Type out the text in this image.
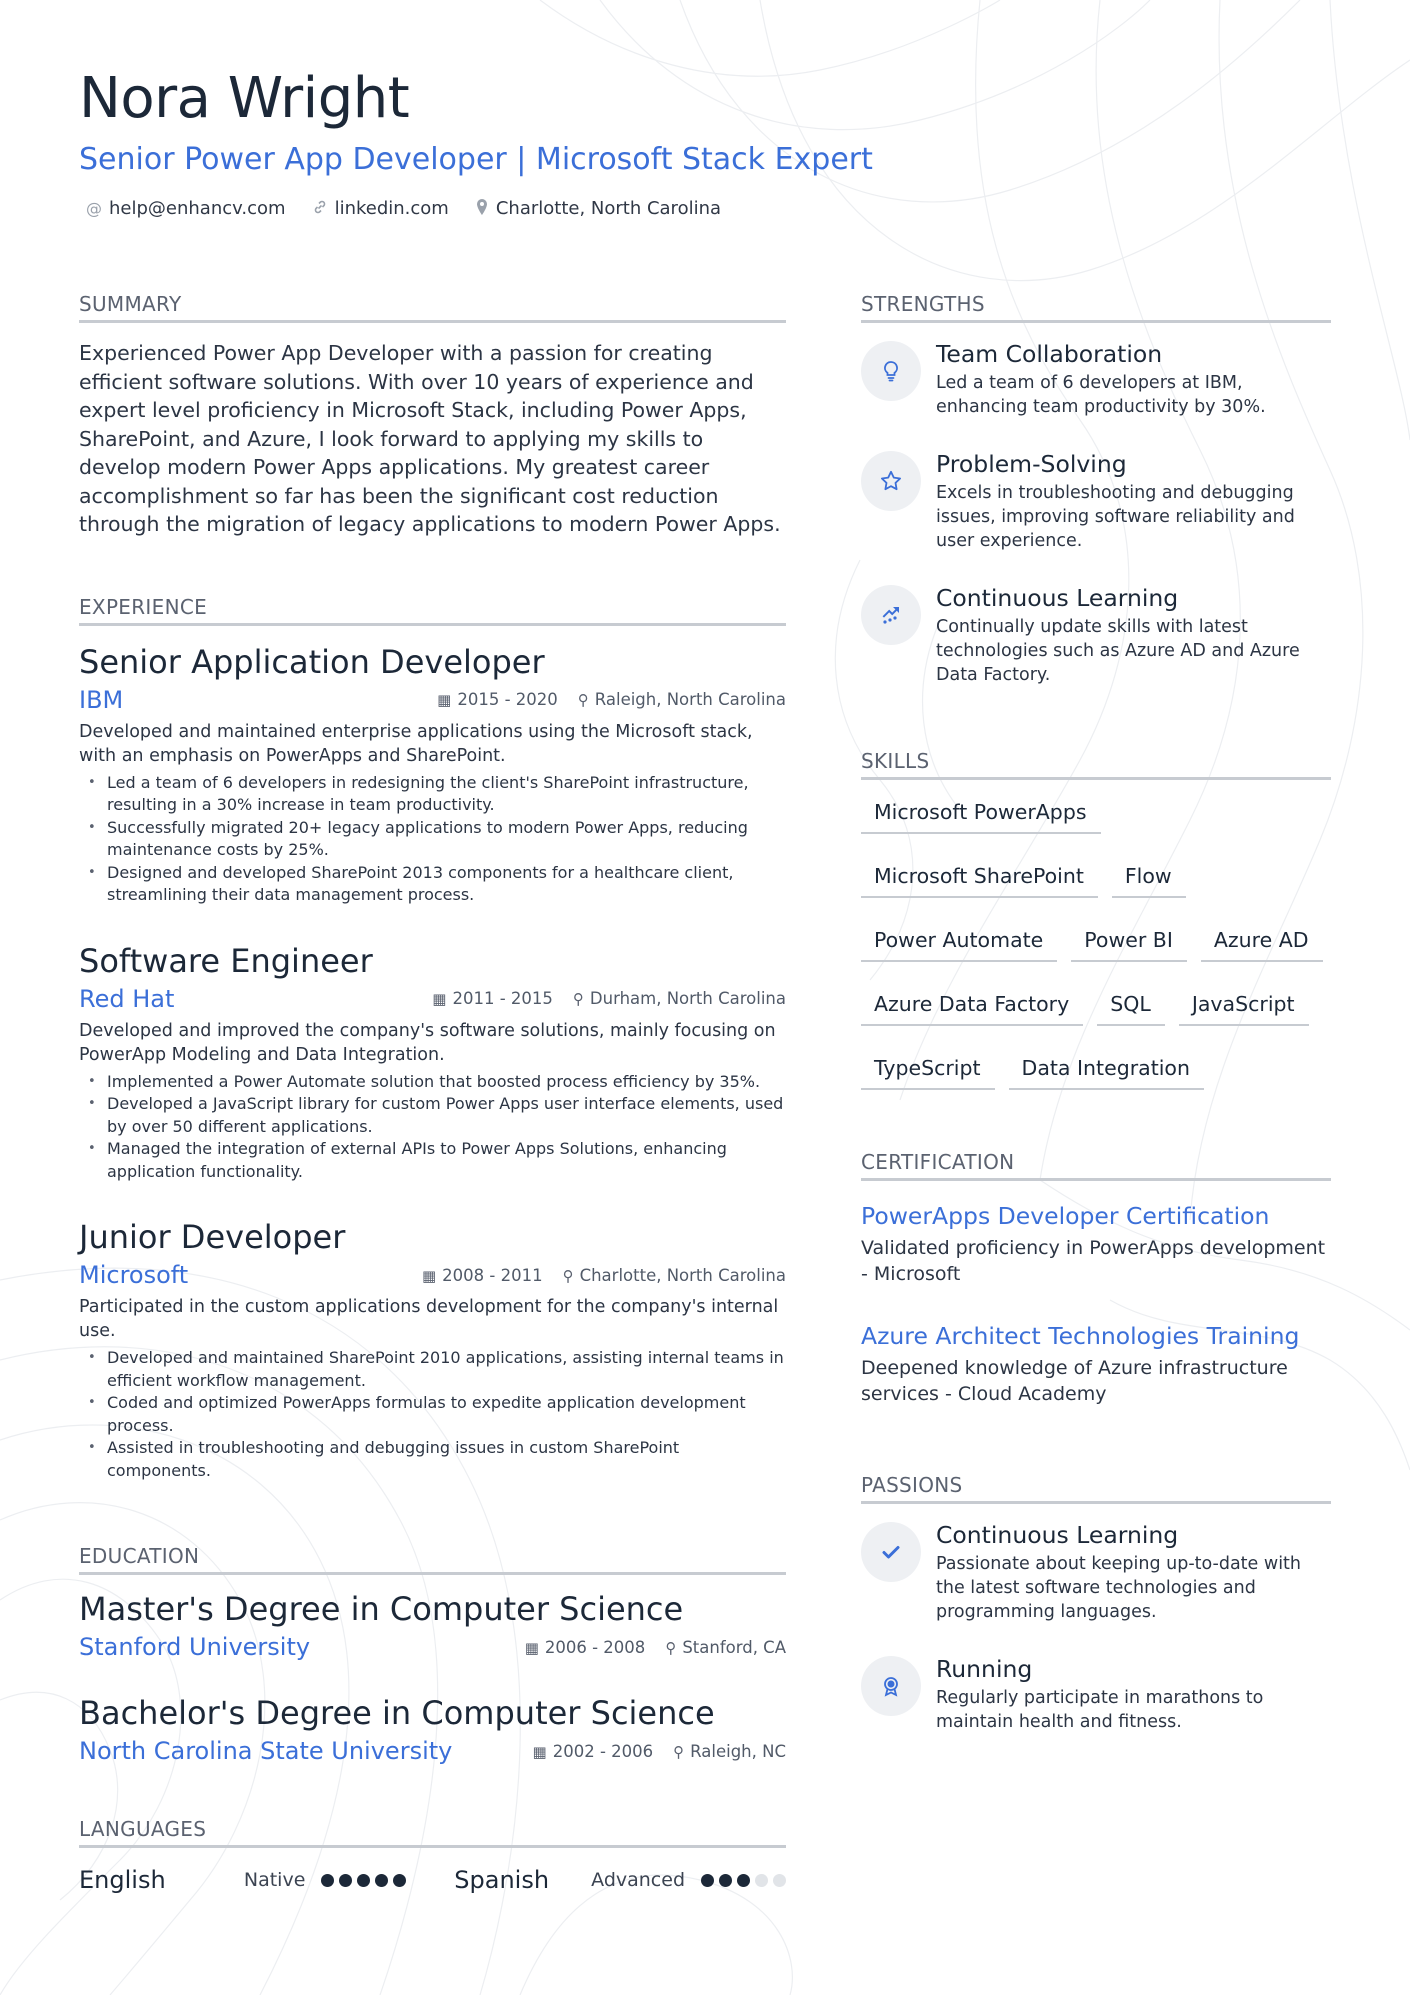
Nora Wright
Senior Power App Developer | Microsoft Stack Expert
@ help@enhancv.com	linkedin.com	Charlotte, North Carolina
SUMMARY
Experienced Power App Developer with a passion for creating efficient software solutions. With over 10 years of experience and expert level proficiency in Microsoft Stack, including Power Apps, SharePoint, and Azure, I look forward to applying my skills to develop modern Power Apps applications. My greatest career accomplishment so far has been the significant cost reduction through the migration of legacy applications to modern Power Apps.
EXPERIENCE
Senior Application Developer
IBM	▦ 2015 - 2020 ⚲ Raleigh, North Carolina
Developed and maintained enterprise applications using the Microsoft stack, with an emphasis on PowerApps and SharePoint.
• Led a team of 6 developers in redesigning the client's SharePoint infrastructure, resulting in a 30% increase in team productivity.
• Successfully migrated 20+ legacy applications to modern Power Apps, reducing maintenance costs by 25%.
• Designed and developed SharePoint 2013 components for a healthcare client, streamlining their data management process.
Software Engineer
Red Hat	▦ 2011 - 2015 ⚲ Durham, North Carolina
Developed and improved the company's software solutions, mainly focusing on PowerApp Modeling and Data Integration.
• Implemented a Power Automate solution that boosted process efficiency by 35%.
• Developed a JavaScript library for custom Power Apps user interface elements, used by over 50 different applications.
• Managed the integration of external APIs to Power Apps Solutions, enhancing application functionality.
Junior Developer
Microsoft	▦ 2008 - 2011 ⚲ Charlotte, North Carolina
Participated in the custom applications development for the company's internal use.
• Developed and maintained SharePoint 2010 applications, assisting internal teams in efficient workflow management.
• Coded and optimized PowerApps formulas to expedite application development process.
• Assisted in troubleshooting and debugging issues in custom SharePoint components.
EDUCATION
Master's Degree in Computer Science
Stanford University	▦ 2006 - 2008 ⚲ Stanford, CA
Bachelor's Degree in Computer Science
North Carolina State University	▦ 2002 - 2006 ⚲ Raleigh, NC
LANGUAGES
English	Native	Spanish	Advanced
STRENGTHS
Team Collaboration
Led a team of 6 developers at IBM, enhancing team productivity by 30%.
Problem-Solving
Excels in troubleshooting and debugging issues, improving software reliability and user experience.
Continuous Learning
Continually update skills with latest technologies such as Azure AD and Azure Data Factory.
SKILLS
Microsoft PowerApps
Microsoft SharePoint	Flow
Power Automate	Power BI	Azure AD
Azure Data Factory	SQL	JavaScript
TypeScript	Data Integration
CERTIFICATION
PowerApps Developer Certification
Validated proficiency in PowerApps development - Microsoft
Azure Architect Technologies Training
Deepened knowledge of Azure infrastructure services - Cloud Academy
PASSIONS
Continuous Learning
Passionate about keeping up-to-date with the latest software technologies and programming languages.
Running
Regularly participate in marathons to maintain health and fitness.
